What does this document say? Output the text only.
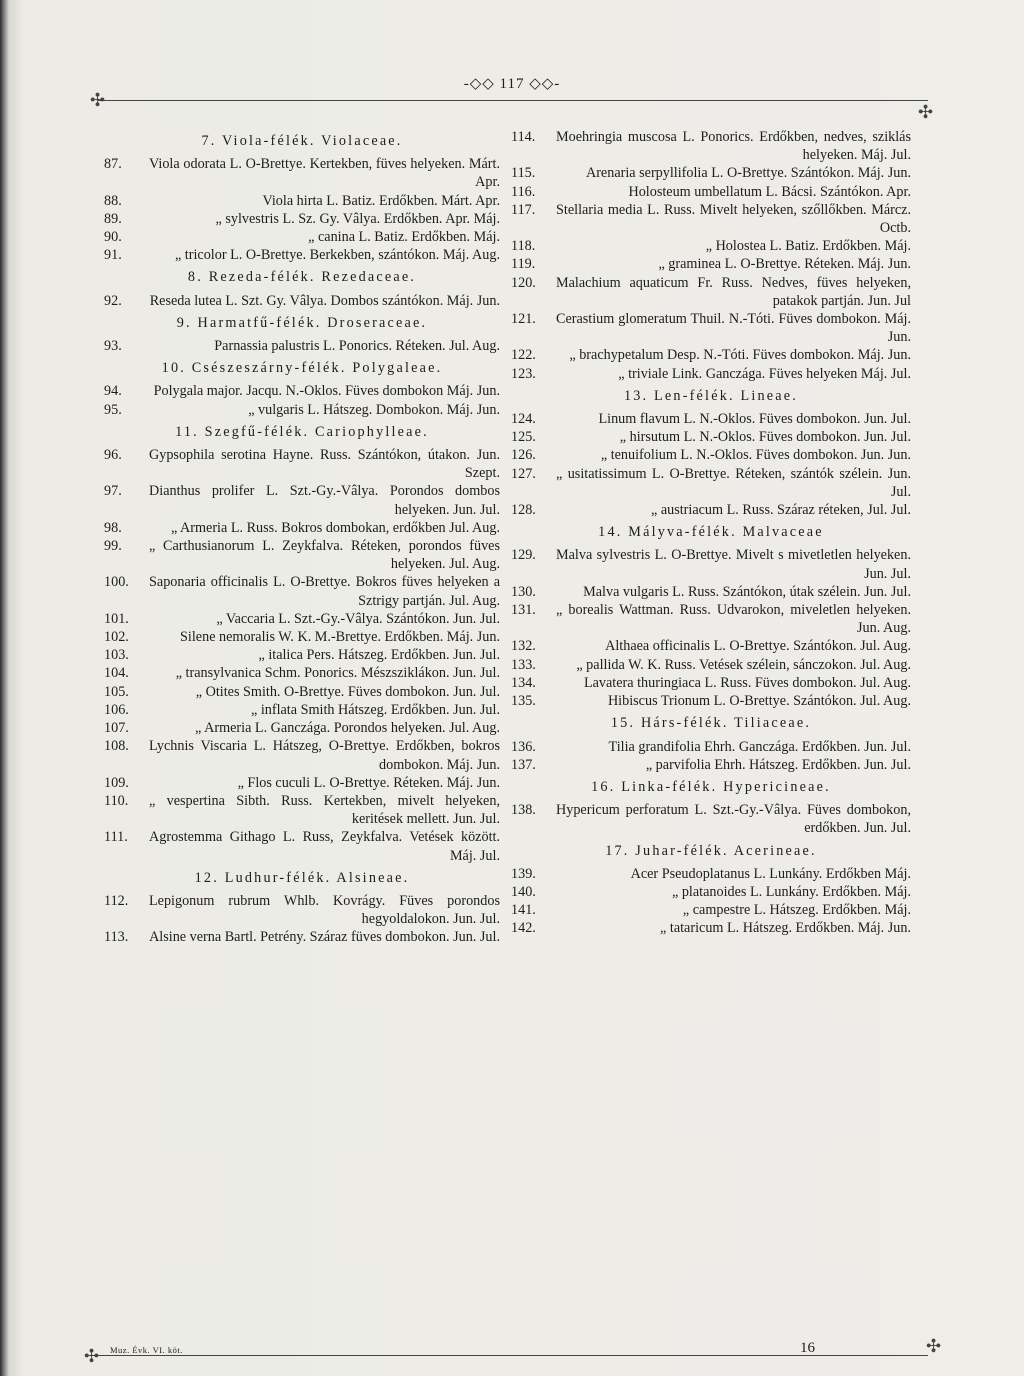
-◇◇ 117 ◇◇-
✣
✣
7. Viola-félék. Violaceae.
87.	Viola odorata L. O-Brettye. Kertekben, füves helyeken. Márt. Apr.
88.	Viola hirta L. Batiz. Erdőkben. Márt. Apr.
89.	„ sylvestris L. Sz. Gy. Vâlya. Erdőkben. Apr. Máj.
90.	„ canina L. Batiz. Erdőkben. Máj.
91.	„ tricolor L. O-Brettye. Berkekben, szántókon. Máj. Aug.
8. Rezeda-félék. Rezedaceae.
92.	Reseda lutea L. Szt. Gy. Vâlya. Dombos szántókon. Máj. Jun.
9. Harmatfű-félék. Droseraceae.
93.	Parnassia palustris L. Ponorics. Réteken. Jul. Aug.
10. Csészeszárny-félék. Polygaleae.
94.	Polygala major. Jacqu. N.-Oklos. Füves dombokon Máj. Jun.
95.	„ vulgaris L. Hátszeg. Dombokon. Máj. Jun.
11. Szegfű-félék. Cariophylleae.
96.	Gypsophila serotina Hayne. Russ. Szántókon, útakon. Jun. Szept.
97.	Dianthus prolifer L. Szt.-Gy.-Vâlya. Porondos dombos helyeken. Jun. Jul.
98.	„ Armeria L. Russ. Bokros dombokan, erdőkben Jul. Aug.
99.	„ Carthusianorum L. Zeykfalva. Réteken, porondos füves helyeken. Jul. Aug.
100.	Saponaria officinalis L. O-Brettye. Bokros füves helyeken a Sztrigy partján. Jul. Aug.
101.	„ Vaccaria L. Szt.-Gy.-Vâlya. Szántókon. Jun. Jul.
102.	Silene nemoralis W. K. M.-Brettye. Erdőkben. Máj. Jun.
103.	„ italica Pers. Hátszeg. Erdőkben. Jun. Jul.
104.	„ transylvanica Schm. Ponorics. Mészsziklákon. Jun. Jul.
105.	„ Otites Smith. O-Brettye. Füves dombokon. Jun. Jul.
106.	„ inflata Smith Hátszeg. Erdőkben. Jun. Jul.
107.	„ Armeria L. Ganczága. Porondos helyeken. Jul. Aug.
108.	Lychnis Viscaria L. Hátszeg, O-Brettye. Erdőkben, bokros dombokon. Máj. Jun.
109.	„ Flos cuculi L. O-Brettye. Réteken. Máj. Jun.
110.	„ vespertina Sibth. Russ. Kertekben, mivelt helyeken, keritések mellett. Jun. Jul.
111.	Agrostemma Githago L. Russ, Zeykfalva. Vetések között. Máj. Jul.
12. Ludhur-félék. Alsineae.
112.	Lepigonum rubrum Whlb. Kovrágy. Füves porondos hegyoldalokon. Jun. Jul.
113.	Alsine verna Bartl. Petrény. Száraz füves dombokon. Jun. Jul.
114.	Moehringia muscosa L. Ponorics. Erdőkben, nedves, sziklás helyeken. Máj. Jul.
115.	Arenaria serpyllifolia L. O-Brettye. Szántókon. Máj. Jun.
116.	Holosteum umbellatum L. Bácsi. Szántókon. Apr.
117.	Stellaria media L. Russ. Mivelt helyeken, szőllőkben. Márcz. Octb.
118.	„ Holostea L. Batiz. Erdőkben. Máj.
119.	„ graminea L. O-Brettye. Réteken. Máj. Jun.
120.	Malachium aquaticum Fr. Russ. Nedves, füves helyeken, patakok partján. Jun. Jul
121.	Cerastium glomeratum Thuil. N.-Tóti. Füves dombokon. Máj. Jun.
122.	„ brachypetalum Desp. N.-Tóti. Füves dombokon. Máj. Jun.
123.	„ triviale Link. Ganczága. Füves helyeken Máj. Jul.
13. Len-félék. Lineae.
124.	Linum flavum L. N.-Oklos. Füves dombokon. Jun. Jul.
125.	„ hirsutum L. N.-Oklos. Füves dombokon. Jun. Jul.
126.	„ tenuifolium L. N.-Oklos. Füves dombokon. Jun. Jun.
127.	„ usitatissimum L. O-Brettye. Réteken, szántók szélein. Jun. Jul.
128.	„ austriacum L. Russ. Száraz réteken, Jul. Jul.
14. Mályva-félék. Malvaceae
129.	Malva sylvestris L. O-Brettye. Mivelt s mivetletlen helyeken. Jun. Jul.
130.	Malva vulgaris L. Russ. Szántókon, útak szélein. Jun. Jul.
131.	„ borealis Wattman. Russ. Udvarokon, miveletlen helyeken. Jun. Aug.
132.	Althaea officinalis L. O-Brettye. Szántókon. Jul. Aug.
133.	„ pallida W. K. Russ. Vetések szélein, sánczokon. Jul. Aug.
134.	Lavatera thuringiaca L. Russ. Füves dombokon. Jul. Aug.
135.	Hibiscus Trionum L. O-Brettye. Szántókon. Jul. Aug.
15. Hárs-félék. Tiliaceae.
136.	Tilia grandifolia Ehrh. Ganczága. Erdőkben. Jun. Jul.
137.	„ parvifolia Ehrh. Hátszeg. Erdőkben. Jun. Jul.
16. Linka-félék. Hypericineae.
138.	Hypericum perforatum L. Szt.-Gy.-Vâlya. Füves dombokon, erdőkben. Jun. Jul.
17. Juhar-félék. Acerineae.
139.	Acer Pseudoplatanus L. Lunkány. Erdőkben Máj.
140.	„ platanoides L. Lunkány. Erdőkben. Máj.
141.	„ campestre L. Hátszeg. Erdőkben. Máj.
142.	„ tataricum L. Hátszeg. Erdőkben. Máj. Jun.
✣	✣
Muz. Évk. VI. köt.	16
